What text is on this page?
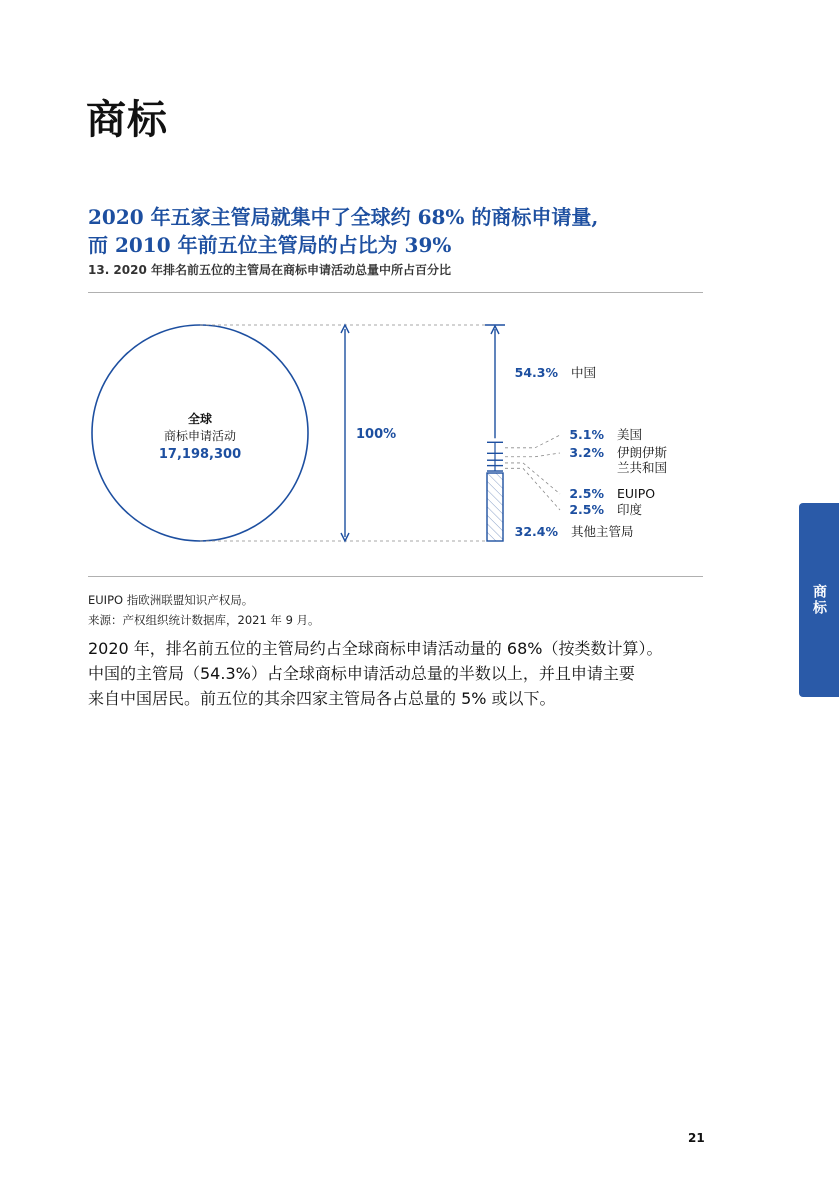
商标
2020 年五家主管局就集中了全球约 68% 的商标申请量,
而 2010 年前五位主管局的占比为 39%

13. 2020 年排名前五位的主管局在商标申请活动总量中所占百分比

全球
商标申请活动
17,198,300
100%
54.3% 中国
5.1% 美国
3.2% 伊朗伊斯
兰共和国
2.5% EUIPO
2.5% 印度
32.4% 其他主管局

EUIPO 指欧洲联盟知识产权局。

来源：产权组织统计数据库，2021 年 9 月。

2020 年，排名前五位的主管局约占全球商标申请活动量的 68%（按类数计算）。
中国的主管局（54.3%）占全球商标申请活动总量的半数以上，并且申请主要
来自中国居民。前五位的其余四家主管局各占总量的 5% 或以下。
商标
21
